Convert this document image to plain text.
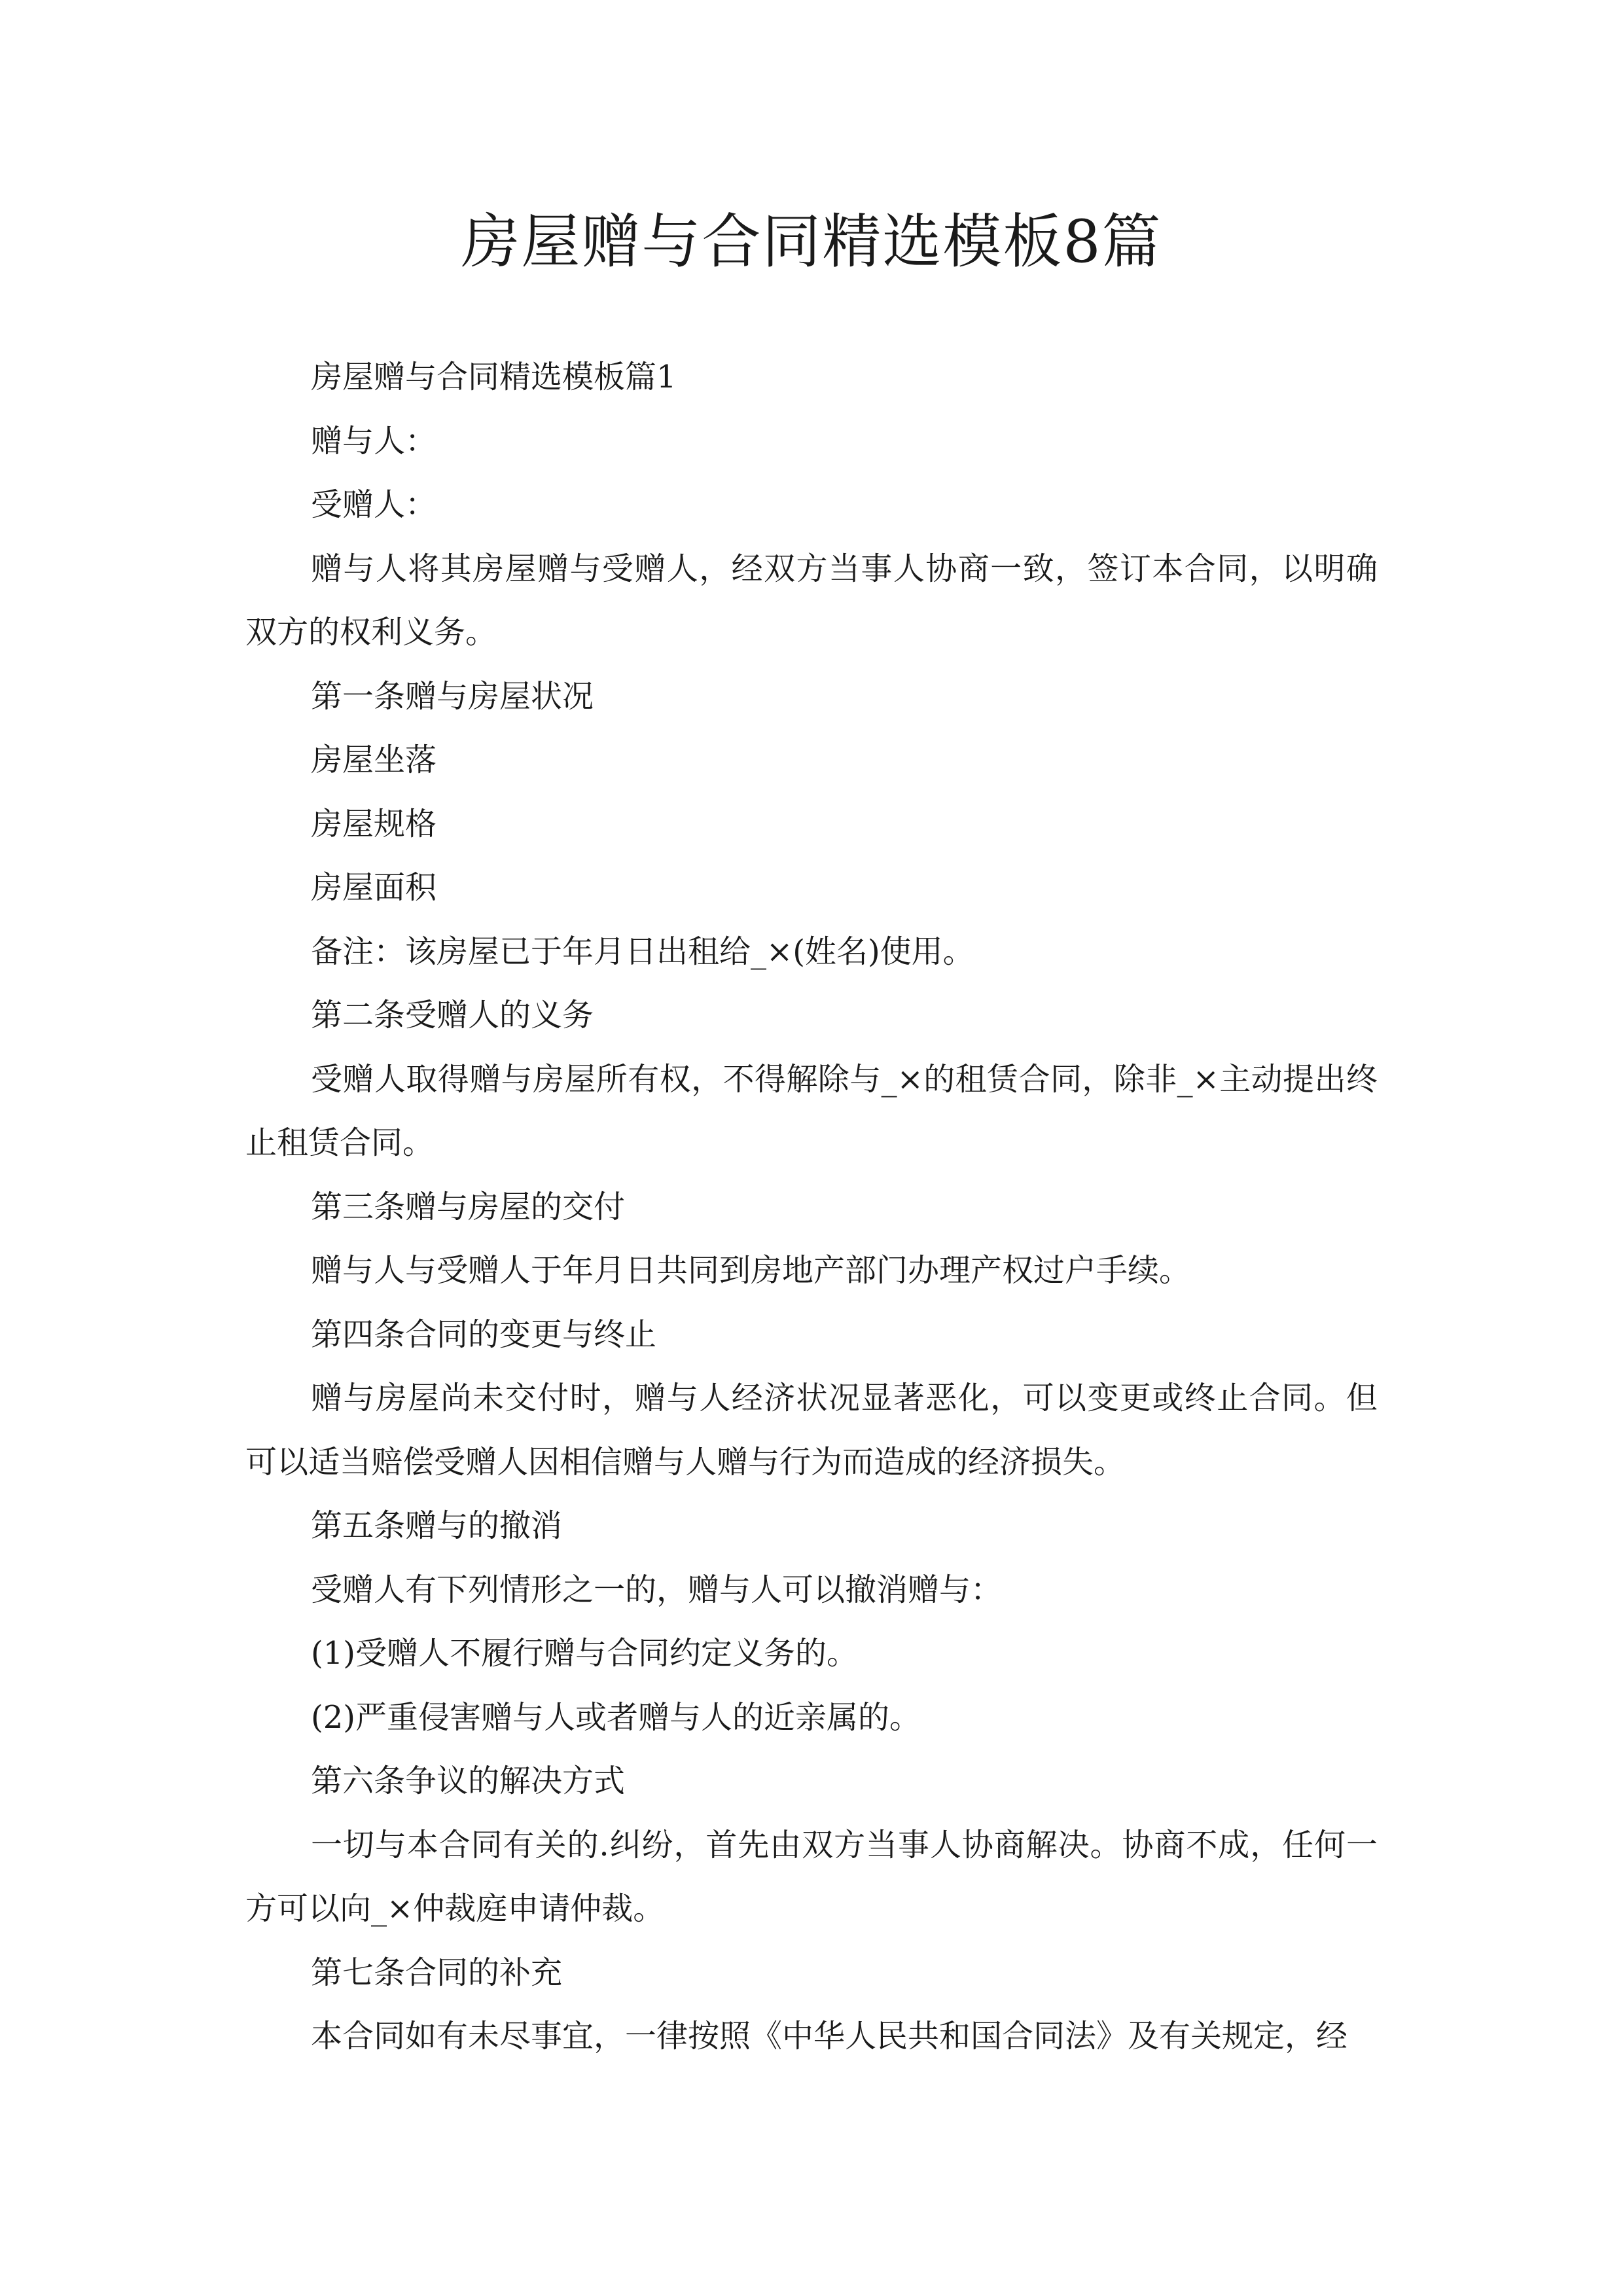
房屋赠与合同精选模板8篇

房屋赠与合同精选模板篇1

赠与人：

受赠人：

赠与人将其房屋赠与受赠人，经双方当事人协商一致，签订本合同，以明确双方的权利义务。

第一条赠与房屋状况

房屋坐落

房屋规格

房屋面积

备注：该房屋已于年月日出租给_×(姓名)使用。

第二条受赠人的义务

受赠人取得赠与房屋所有权，不得解除与_×的租赁合同，除非_×主动提出终止租赁合同。

第三条赠与房屋的交付

赠与人与受赠人于年月日共同到房地产部门办理产权过户手续。

第四条合同的变更与终止

赠与房屋尚未交付时，赠与人经济状况显著恶化，可以变更或终止合同。但可以适当赔偿受赠人因相信赠与人赠与行为而造成的经济损失。

第五条赠与的撤消

受赠人有下列情形之一的，赠与人可以撤消赠与：

(1)受赠人不履行赠与合同约定义务的。

(2)严重侵害赠与人或者赠与人的近亲属的。

第六条争议的解决方式

一切与本合同有关的.纠纷，首先由双方当事人协商解决。协商不成，任何一方可以向_×仲裁庭申请仲裁。

第七条合同的补充

本合同如有未尽事宜，一律按照《中华人民共和国合同法》及有关规定，经
